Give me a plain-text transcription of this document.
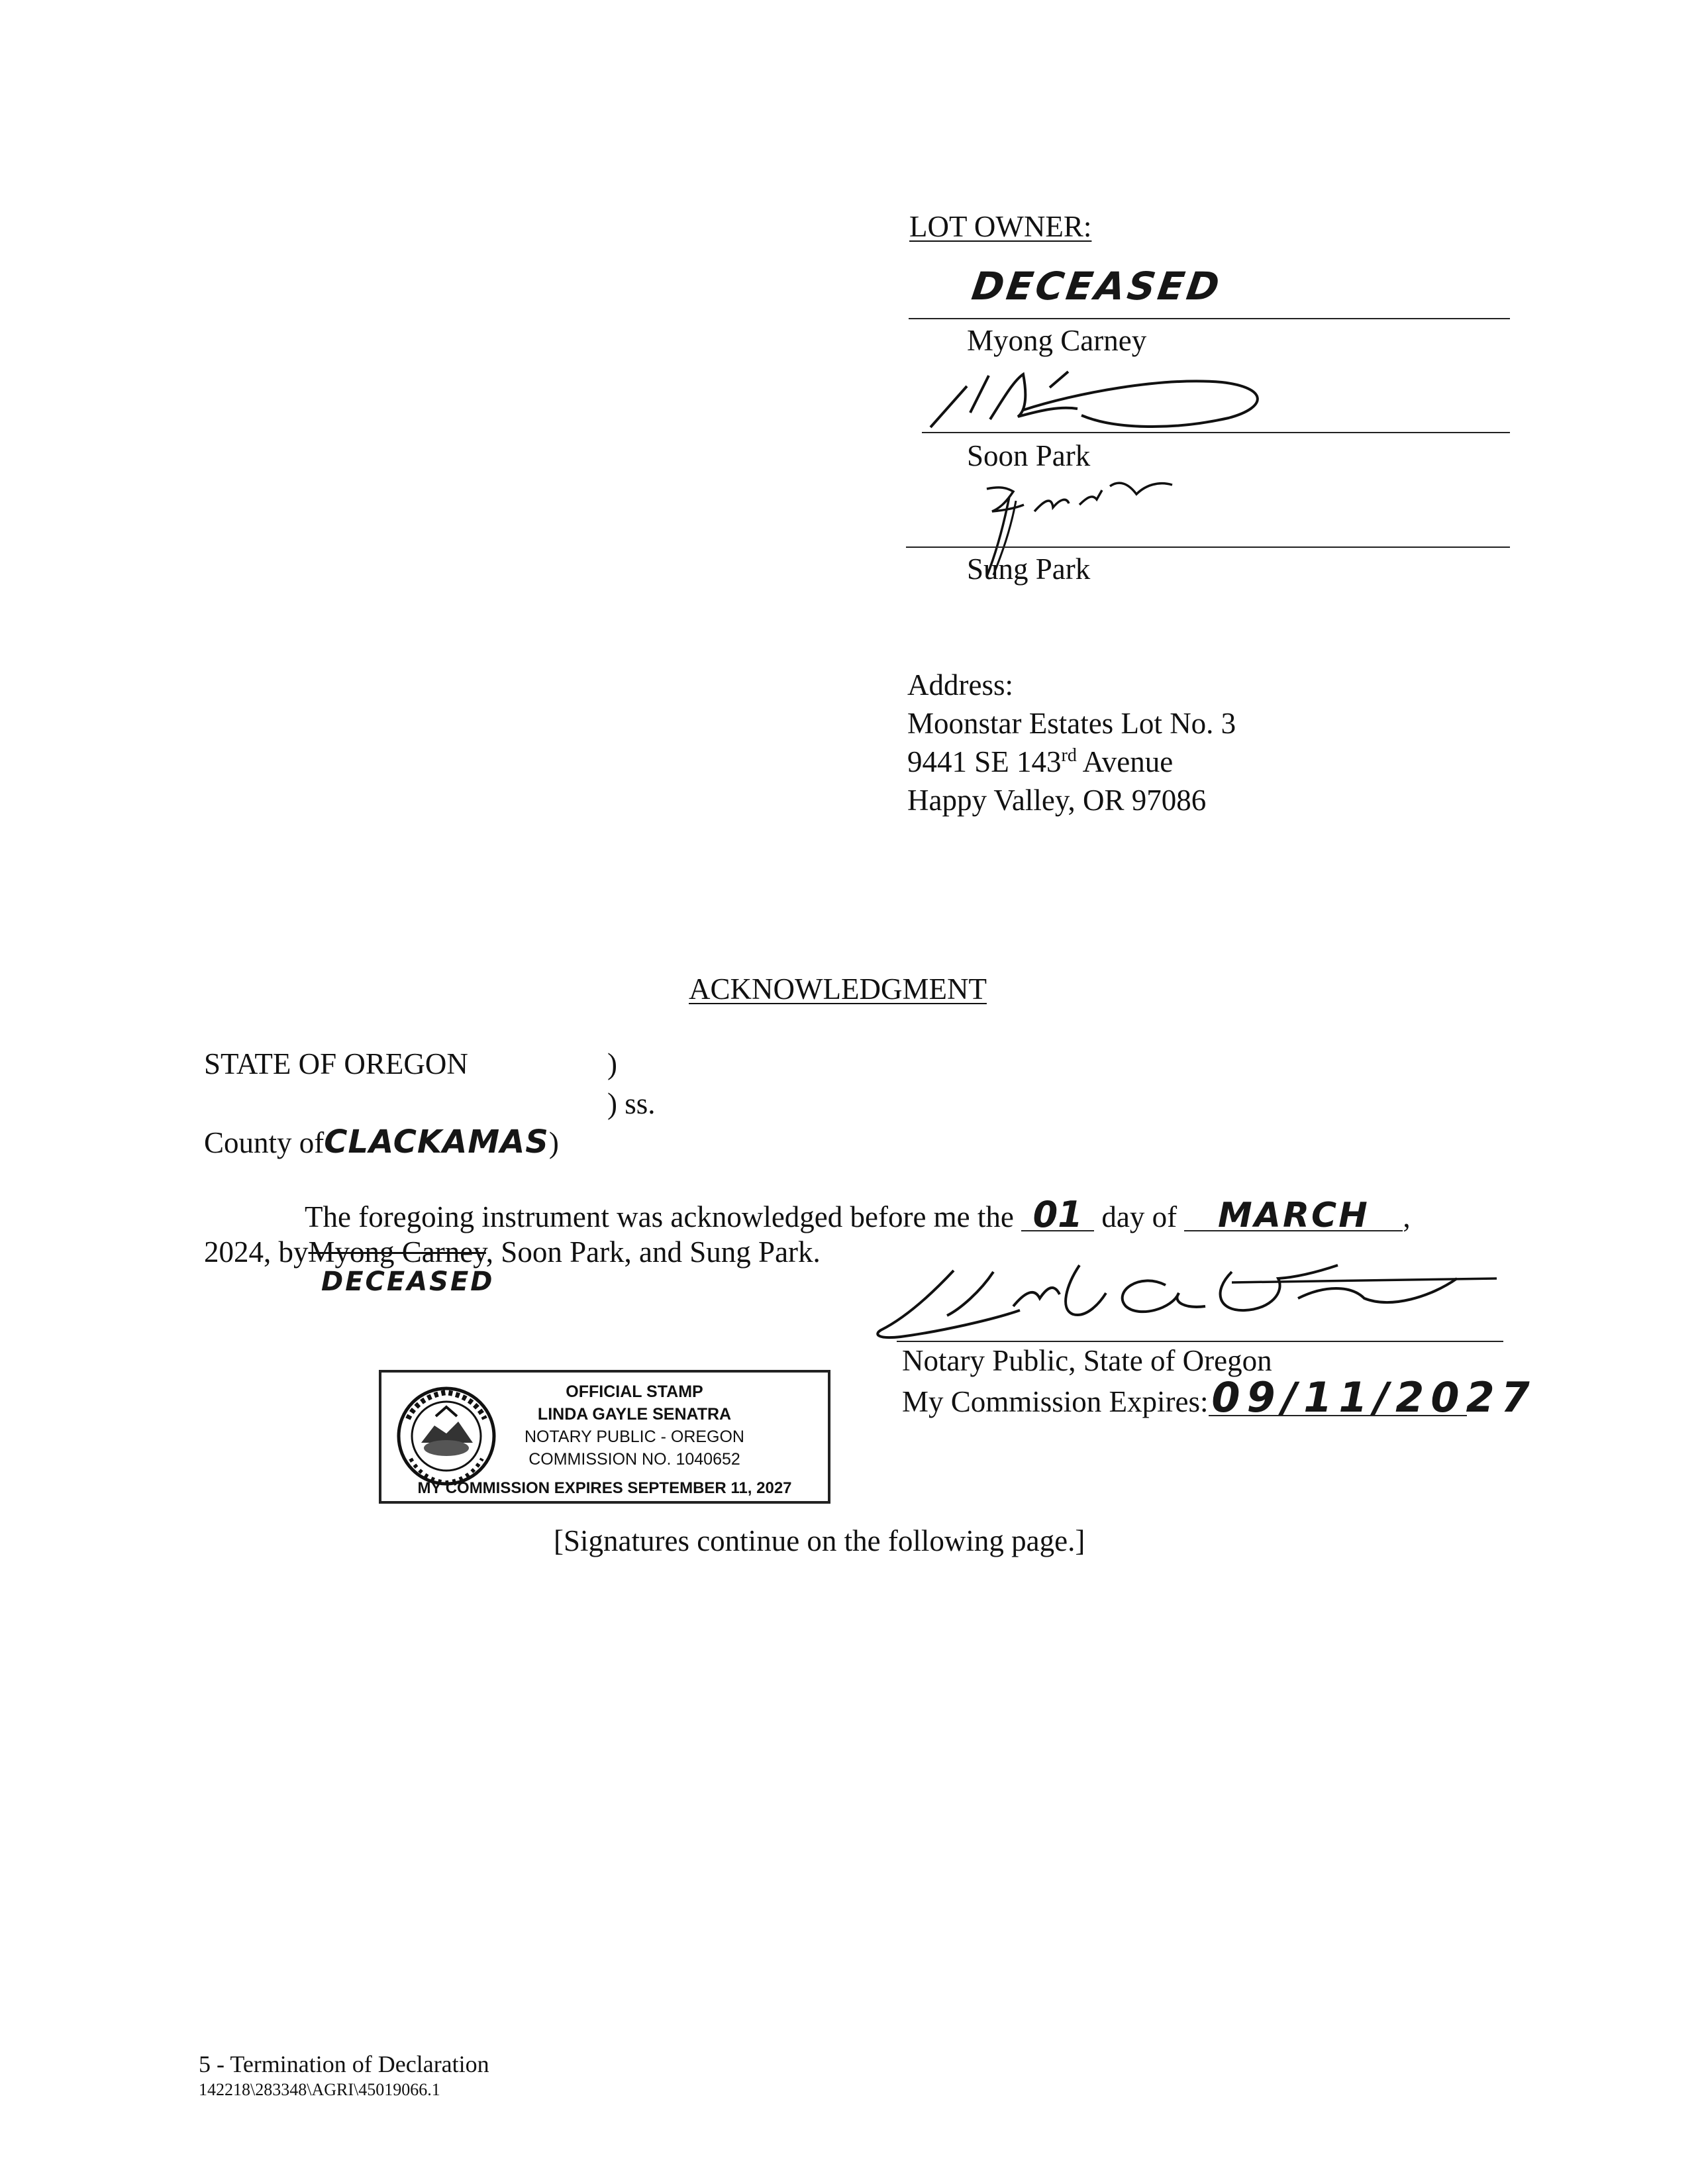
LOT OWNER:
DECEASED
Myong Carney
Soon Park
Sung Park
Address:
Moonstar Estates Lot No. 3
9441 SE 143rd Avenue
Happy Valley, OR 97086
ACKNOWLEDGMENT
STATE OF OREGON	)
) ss.
County ofCLACKAMAS)
The foregoing instrument was acknowledged before me the 01 day of MARCH ,
2024, byMyong Carney, Soon Park, and Sung Park.
DECEASED
Notary Public, State of Oregon
My Commission Expires:09/11/2027
OFFICIAL STAMP
LINDA GAYLE SENATRA
NOTARY PUBLIC - OREGON
COMMISSION NO. 1040652
MY COMMISSION EXPIRES SEPTEMBER 11, 2027
[Signatures continue on the following page.]
5 - Termination of Declaration
142218\283348\AGRI\45019066.1
